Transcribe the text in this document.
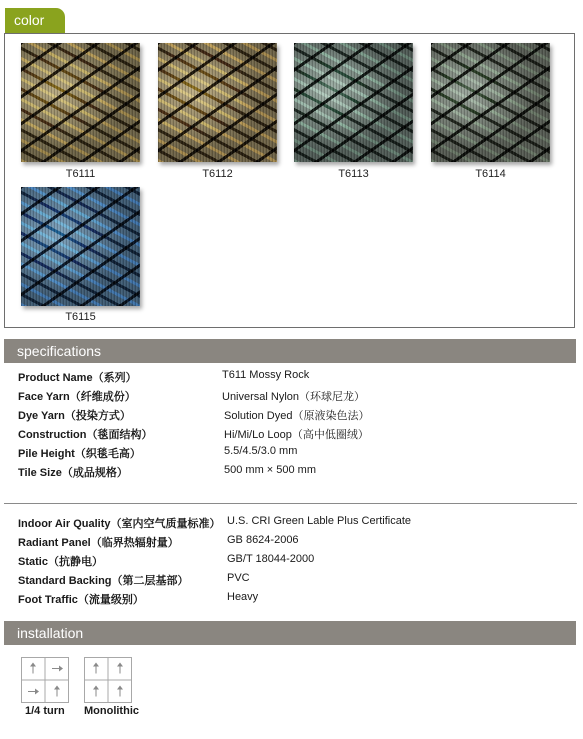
color
T6111	T6112	T6113	T6114
T6115
specifications
Product Name（系列）	T611 Mossy Rock
Face Yarn（纤维成份）	Universal Nylon（环球尼龙）
Dye Yarn（投染方式）	Solution Dyed（原液染色法）
Construction（毯面结构）	Hi/Mi/Lo Loop（高中低圈绒）
Pile Height（织毯毛高）	5.5/4.5/3.0 mm
Tile Size（成品规格）	500 mm × 500 mm
Indoor Air Quality（室内空气质量标准） U.S. CRI Green Lable Plus Certificate
Radiant Panel（临界热辐射量）	GB 8624-2006
Static（抗静电）	GB/T 18044-2000
Standard Backing（第二层基部）	PVC
Foot Traffic（流量级别）	Heavy
installation
1/4 turn Monolithic
